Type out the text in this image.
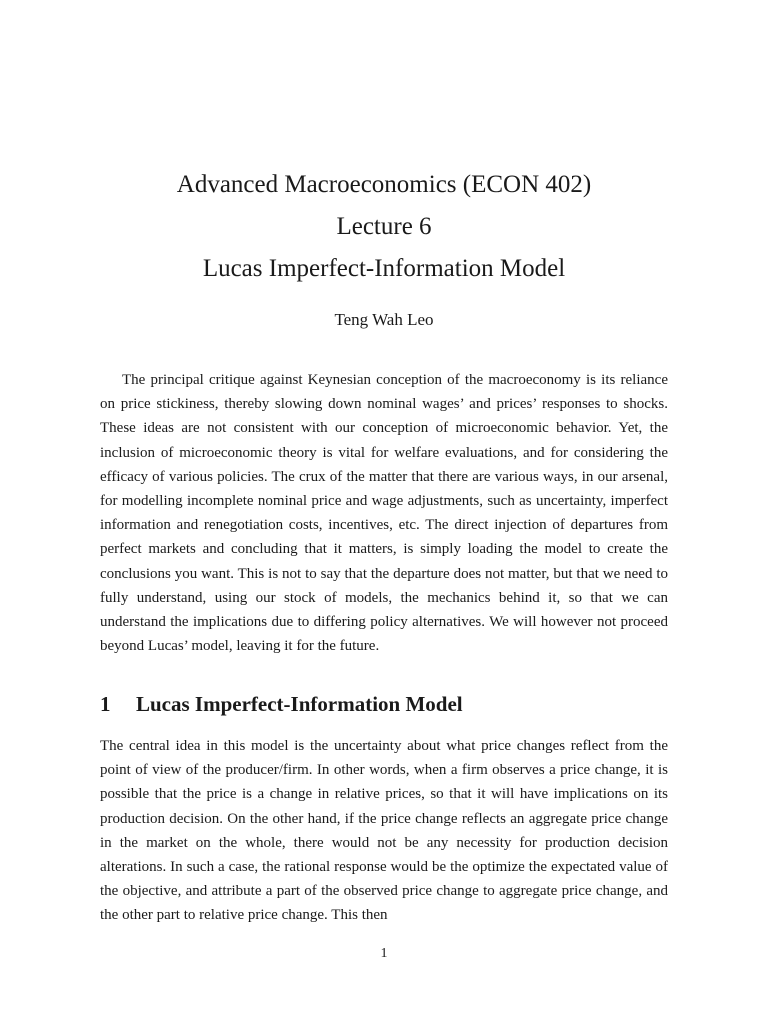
Advanced Macroeconomics (ECON 402)
Lecture 6
Lucas Imperfect-Information Model
Teng Wah Leo

The principal critique against Keynesian conception of the macroeconomy is its reliance on price stickiness, thereby slowing down nominal wages’ and prices’ responses to shocks. These ideas are not consistent with our conception of microeconomic behavior. Yet, the inclusion of microeconomic theory is vital for welfare evaluations, and for considering the efficacy of various policies. The crux of the matter that there are various ways, in our arsenal, for modelling incomplete nominal price and wage adjustments, such as uncertainty, imperfect information and renegotiation costs, incentives, etc. The direct injection of departures from perfect markets and concluding that it matters, is simply loading the model to create the conclusions you want. This is not to say that the departure does not matter, but that we need to fully understand, using our stock of models, the mechanics behind it, so that we can understand the implications due to differing policy alternatives. We will however not proceed beyond Lucas’ model, leaving it for the future.

1	Lucas Imperfect-Information Model

The central idea in this model is the uncertainty about what price changes reflect from the point of view of the producer/firm. In other words, when a firm observes a price change, it is possible that the price is a change in relative prices, so that it will have implications on its production decision. On the other hand, if the price change reflects an aggregate price change in the market on the whole, there would not be any necessity for production decision alterations. In such a case, the rational response would be the optimize the expectated value of the objective, and attribute a part of the observed price change to aggregate price change, and the other part to relative price change. This then

1
